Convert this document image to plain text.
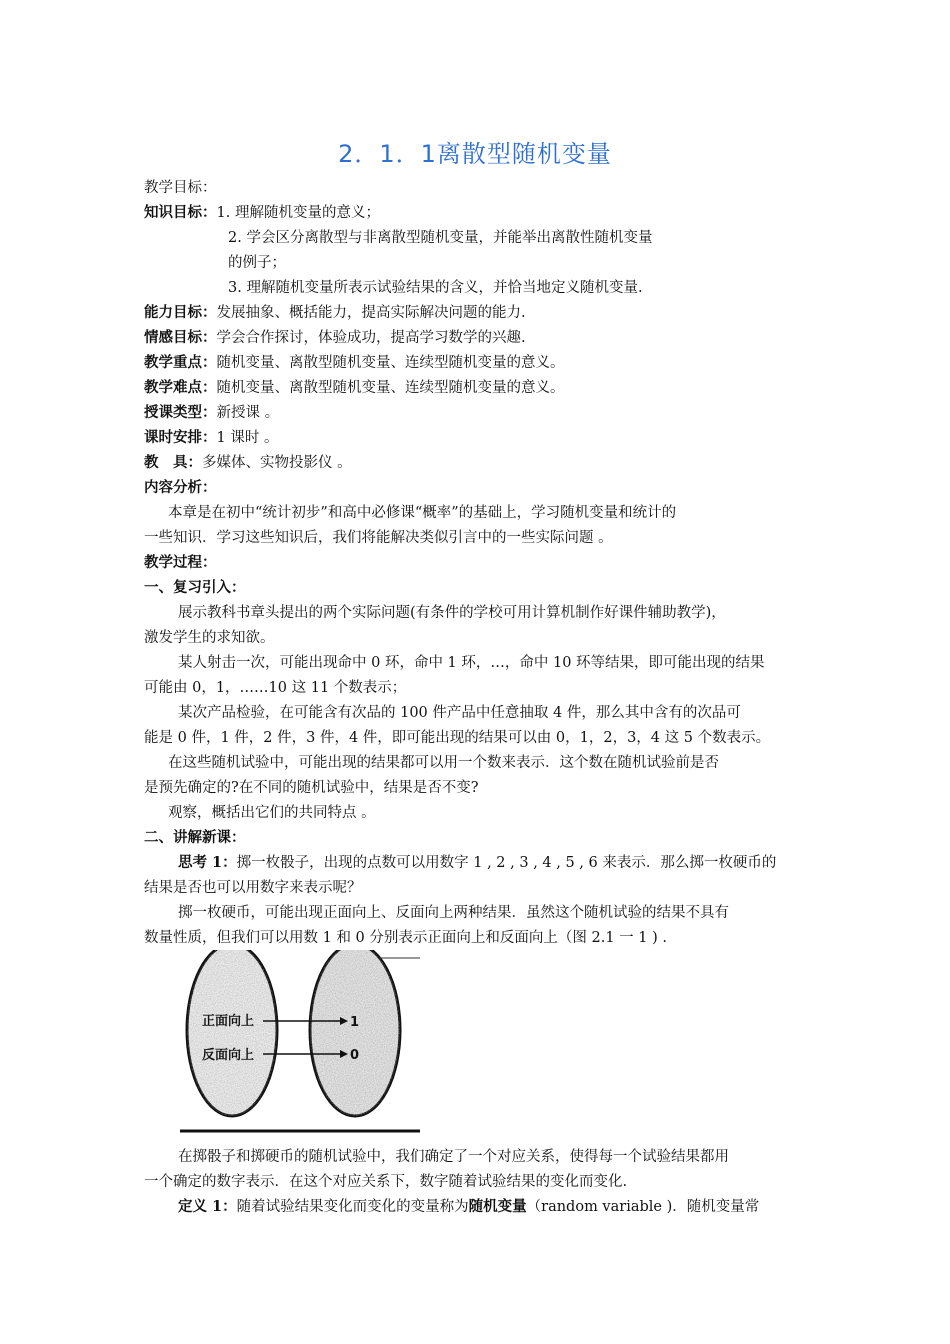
2．1．1离散型随机变量
教学目标：
知识目标：1. 理解随机变量的意义；
2. 学会区分离散型与非离散型随机变量，并能举出离散性随机变量
的例子；
3. 理解随机变量所表示试验结果的含义，并恰当地定义随机变量.
能力目标：发展抽象、概括能力，提高实际解决问题的能力.
情感目标：学会合作探讨，体验成功，提高学习数学的兴趣.
教学重点：随机变量、离散型随机变量、连续型随机变量的意义。
教学难点：随机变量、离散型随机变量、连续型随机变量的意义。
授课类型：新授课 。
课时安排：1 课时 。
教　具：多媒体、实物投影仪 。
内容分析：
本章是在初中“统计初步”和高中必修课“概率”的基础上，学习随机变量和统计的
一些知识．学习这些知识后，我们将能解决类似引言中的一些实际问题 。
教学过程：
一、复习引入：
展示教科书章头提出的两个实际问题(有条件的学校可用计算机制作好课件辅助教学)，
激发学生的求知欲。
某人射击一次，可能出现命中 0 环，命中 1 环，…，命中 10 环等结果，即可能出现的结果
可能由 0，1，……10 这 11 个数表示；
某次产品检验，在可能含有次品的 100 件产品中任意抽取 4 件，那么其中含有的次品可
能是 0 件，1 件，2 件，3 件，4 件，即可能出现的结果可以由 0，1，2，3，4 这 5 个数表示。
在这些随机试验中，可能出现的结果都可以用一个数来表示．这个数在随机试验前是否
是预先确定的?在不同的随机试验中，结果是否不变?
观察，概括出它们的共同特点 。
二、讲解新课：
思考 1：掷一枚骰子，出现的点数可以用数字 1 , 2 , 3 , 4 , 5 , 6 来表示．那么掷一枚硬币的
结果是否也可以用数字来表示呢？
掷一枚硬币，可能出现正面向上、反面向上两种结果．虽然这个随机试验的结果不具有
数量性质，但我们可以用数 1 和 0 分别表示正面向上和反面向上（图 2.1 一 1 ) .
正面向上
反面向上
1
0
在掷骰子和掷硬币的随机试验中，我们确定了一个对应关系，使得每一个试验结果都用
一个确定的数字表示．在这个对应关系下，数字随着试验结果的变化而变化.
定义 1：随着试验结果变化而变化的变量称为随机变量（random variable )．随机变量常
